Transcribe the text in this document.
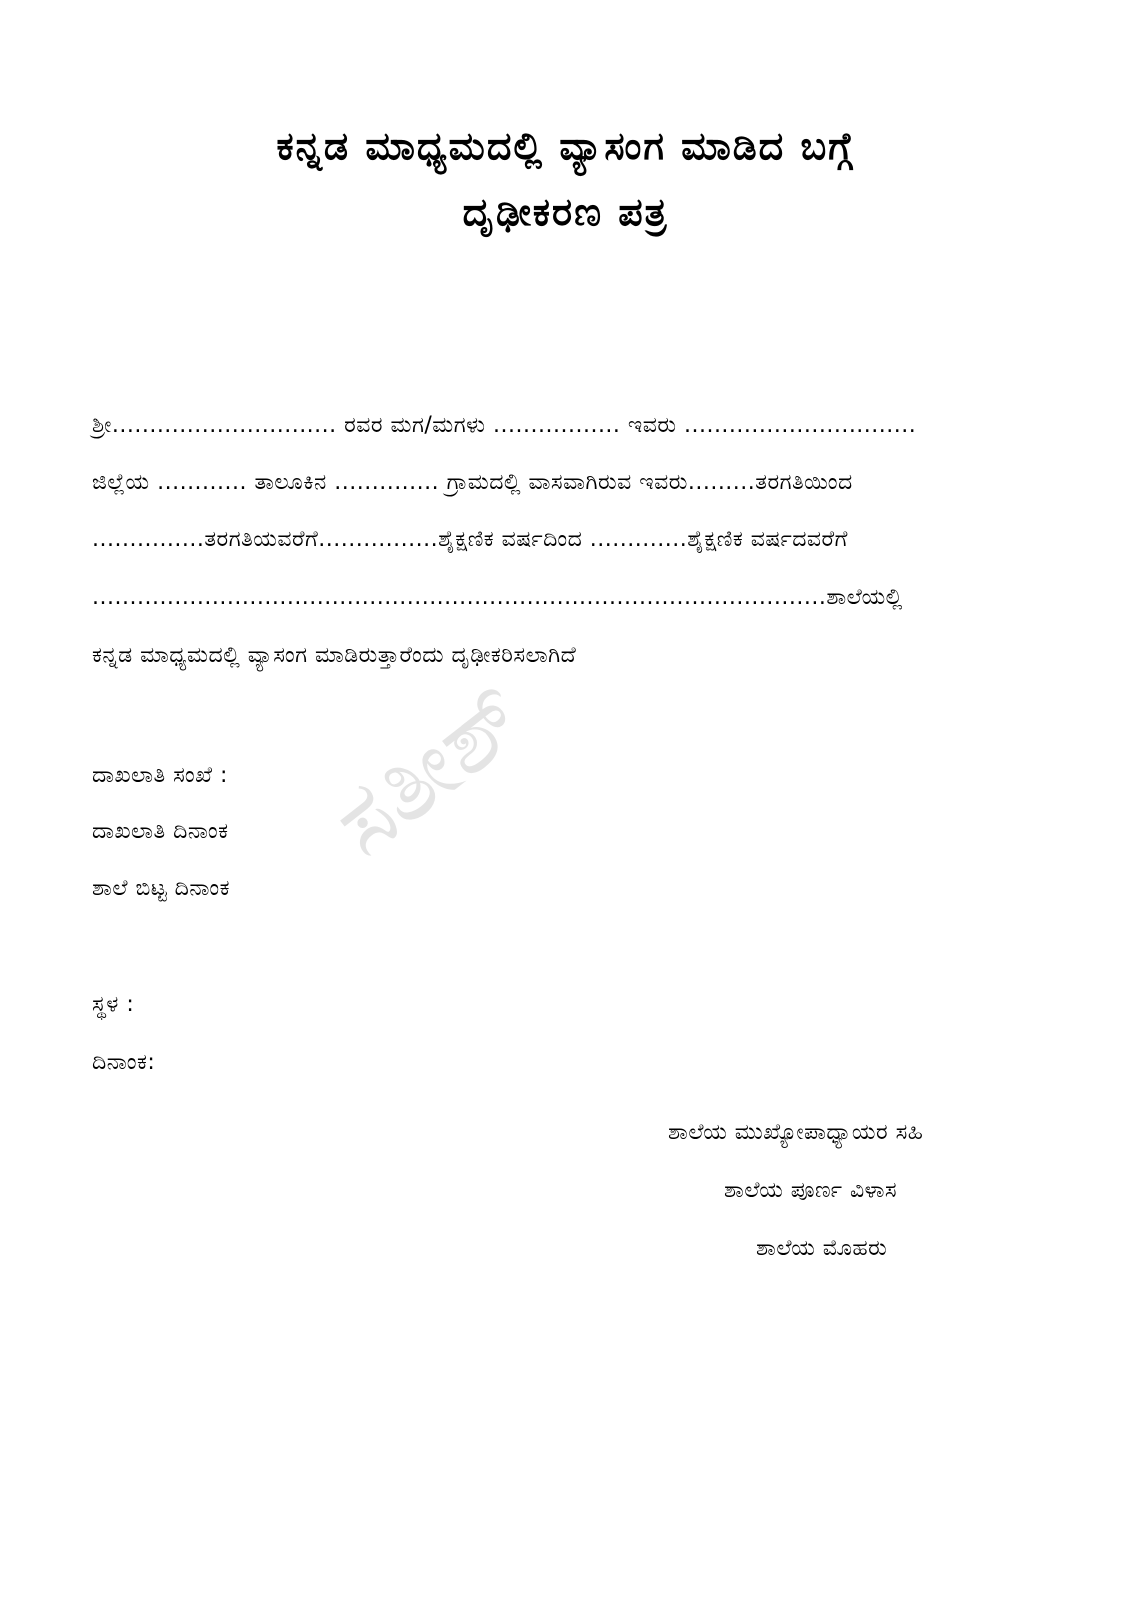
ಸತೀಶ್
ಕನ್ನಡ ಮಾಧ್ಯಮದಲ್ಲಿ ವ್ಯಾಸಂಗ ಮಾಡಿದ ಬಗ್ಗೆ
ದೃಢೀಕರಣ ಪತ್ರ
ಶ್ರೀ.............................. ರವರ ಮಗ/ಮಗಳು ................. ಇವರು ...............................
ಜಿಲ್ಲೆಯ ............ ತಾಲೂಕಿನ .............. ಗ್ರಾಮದಲ್ಲಿ ವಾಸವಾಗಿರುವ ಇವರು.........ತರಗತಿಯಿಂದ
...............ತರಗತಿಯವರೆಗೆ................ಶೈಕ್ಷಣಿಕ ವರ್ಷದಿಂದ .............ಶೈಕ್ಷಣಿಕ ವರ್ಷದವರೆಗೆ
..................................................................................................ಶಾಲೆಯಲ್ಲಿ
ಕನ್ನಡ ಮಾಧ್ಯಮದಲ್ಲಿ ವ್ಯಾಸಂಗ ಮಾಡಿರುತ್ತಾರೆಂದು ದೃಢೀಕರಿಸಲಾಗಿದೆ
ದಾಖಲಾತಿ ಸಂಖೆ :
ದಾಖಲಾತಿ ದಿನಾಂಕ
ಶಾಲೆ ಬಿಟ್ಟ ದಿನಾಂಕ
ಸ್ಥಳ :
ದಿನಾಂಕ:
ಶಾಲೆಯ ಮುಖ್ಯೋಪಾಧ್ಯಾಯರ ಸಹಿ
ಶಾಲೆಯ ಪೂರ್ಣ ವಿಳಾಸ
ಶಾಲೆಯ ಮೊಹರು
